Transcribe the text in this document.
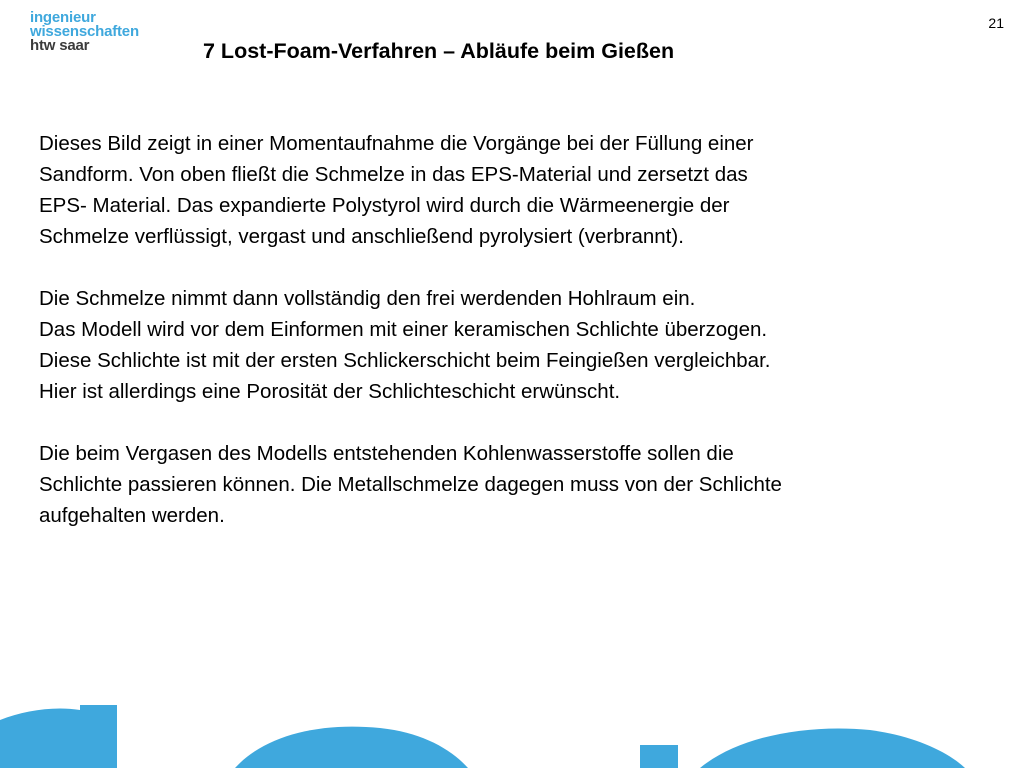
ingenieur
wissenschaften
htw saar
21
7 Lost-Foam-Verfahren – Abläufe beim Gießen

Dieses Bild zeigt in einer Momentaufnahme die Vorgänge bei der Füllung einer
Sandform. Von oben fließt die Schmelze in das EPS-Material und zersetzt das
EPS- Material. Das expandierte Polystyrol wird durch die Wärmeenergie der
Schmelze verflüssigt, vergast und anschließend pyrolysiert (verbrannt).

Die Schmelze nimmt dann vollständig den frei werdenden Hohlraum ein.
Das Modell wird vor dem Einformen mit einer keramischen Schlichte überzogen.
Diese Schlichte ist mit der ersten Schlickerschicht beim Feingießen vergleichbar.
Hier ist allerdings eine Porosität der Schlichteschicht erwünscht.

Die beim Vergasen des Modells entstehenden Kohlenwasserstoffe sollen die
Schlichte passieren können. Die Metallschmelze dagegen muss von der Schlichte
aufgehalten werden.
